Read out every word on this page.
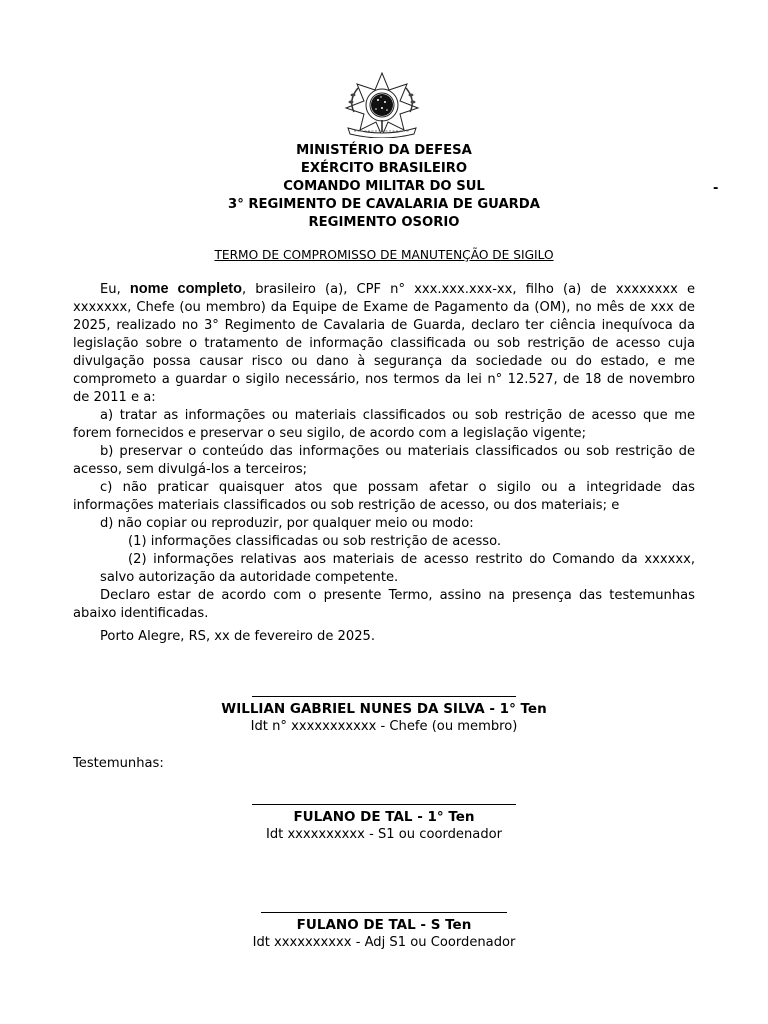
MINISTÉRIO DA DEFESA
EXÉRCITO BRASILEIRO
COMANDO MILITAR DO SUL
3° REGIMENTO DE CAVALARIA DE GUARDA
REGIMENTO OSORIO
-
TERMO DE COMPROMISSO DE MANUTENÇÃO DE SIGILO

Eu, nome completo, brasileiro (a), CPF n° xxx.xxx.xxx-xx, filho (a) de xxxxxxxx e xxxxxxx, Chefe (ou membro) da Equipe de Exame de Pagamento da (OM), no mês de xxx de 2025, realizado no 3° Regimento de Cavalaria de Guarda, declaro ter ciência inequívoca da legislação sobre o tratamento de informação classificada ou sob restrição de acesso cuja divulgação possa causar risco ou dano à segurança da sociedade ou do estado, e me comprometo a guardar o sigilo necessário, nos termos da lei n° 12.527, de 18 de novembro de 2011 e a:

a) tratar as informações ou materiais classificados ou sob restrição de acesso que me forem fornecidos e preservar o seu sigilo, de acordo com a legislação vigente;

b) preservar o conteúdo das informações ou materiais classificados ou sob restrição de acesso, sem divulgá-los a terceiros;

c) não praticar quaisquer atos que possam afetar o sigilo ou a integridade das informações materiais classificados ou sob restrição de acesso, ou dos materiais; e

d) não copiar ou reproduzir, por qualquer meio ou modo:

(1) informações classificadas ou sob restrição de acesso.

(2) informações relativas aos materiais de acesso restrito do Comando da xxxxxx, salvo autorização da autoridade competente.

Declaro estar de acordo com o presente Termo, assino na presença das testemunhas abaixo identificadas.

Porto Alegre, RS, xx de fevereiro de 2025.
WILLIAN GABRIEL NUNES DA SILVA - 1° Ten
Idt n° xxxxxxxxxxx - Chefe (ou membro)
Testemunhas:
FULANO DE TAL - 1° Ten
Idt xxxxxxxxxx - S1 ou coordenador
FULANO DE TAL - S Ten
Idt xxxxxxxxxx - Adj S1 ou Coordenador
